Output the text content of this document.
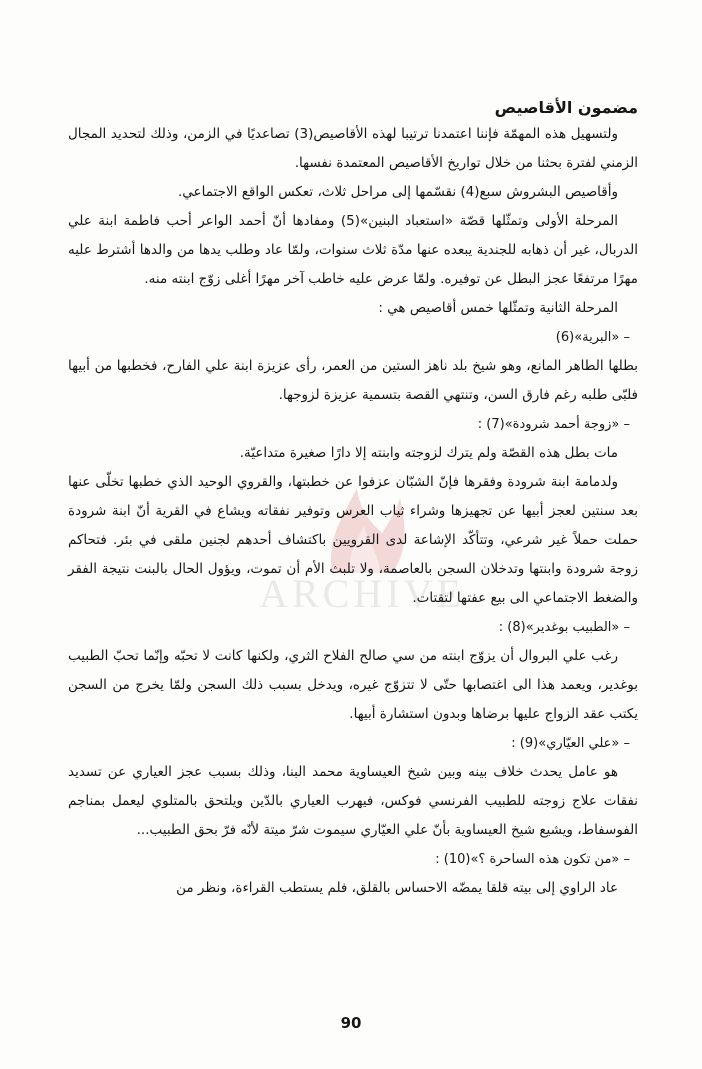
ARCHIVE
مضمون الأقاصيص

ولتسهيل هذه المهمّة فإننا اعتمدنا ترتيبا لهذه الأقاصيص(3) تصاعديًا في الزمن، وذلك لتحديد المجال الزمني لفترة بحثنا من خلال تواريخ الأقاصيص المعتمدة نفسها.

وأقاصيص البشروش سبع(4) نقسّمها إلى مراحل ثلاث، تعكس الواقع الاجتماعي.

المرحلة الأولى وتمثّلها قصّة «استعباد البنين»(5) ومفادها أنّ أحمد الواعر أحب فاطمة ابنة علي الدربال، غير أن ذهابه للجندية يبعده عنها مدّة ثلاث سنوات، ولمّا عاد وطلب يدها من والدها أشترط عليه مهرًا مرتفعًا عجز البطل عن توفيره. ولمّا عرض عليه خاطب آخر مهرًا أغلى زوّج ابنته منه.

المرحلة الثانية وتمثّلها خمس أقاصيص هي :

– «البرية»(6)

بطلها الطاهر المانع، وهو شيخ بلد ناهز الستين من العمر، رأى عزيزة ابنة علي الفارح، فخطبها من أبيها فلبّى طلبه رغم فارق السن، وتنتهي القصة بتسمية عزيزة لزوجها.

– «زوجة أحمد شرودة»(7) :

مات بطل هذه القصّة ولم يترك لزوجته وابنته إلا دارًا صغيرة متداعيّة.

ولدمامة ابنة شرودة وفقرها فإنّ الشبّان عزفوا عن خطبتها، والقروي الوحيد الذي خطبها تخلّى عنها بعد سنتين لعجز أبيها عن تجهيزها وشراء ثياب العرس وتوفير نفقاته ويشاع في القرية أنّ ابنة شرودة حملت حملاً غير شرعي، وتتأكّد الإشاعة لدى القرويين باكتشاف أحدهم لجنين ملقى في بئر. فتحاكم زوجة شرودة وابنتها وتدخلان السجن بالعاصمة، ولا تلبث الأم أن تموت، ويؤول الحال بالبنت نتيجة الفقر والضغط الاجتماعي الى بيع عفتها لتقتات.

– «الطبيب بوغدير»(8) :

رغب علي البروال أن يزوّج ابنته من سي صالح الفلاح الثري، ولكنها كانت لا تحبّه وإنّما تحبّ الطبيب بوغدير، ويعمد هذا الى اغتصابها حتّى لا تتزوّج غيره، ويدخل بسبب ذلك السجن ولمّا يخرج من السجن يكتب عقد الزواج عليها برضاها وبدون استشارة أبيها.

– «علي العيّاري»(9) :

هو عامل يحدث خلاف بينه وبين شيخ العيساوية محمد البنا، وذلك بسبب عجز العياري عن تسديد نفقات علاج زوجته للطبيب الفرنسي فوكس، فيهرب العياري بالدّين ويلتحق بالمتلوي ليعمل بمناجم الفوسفاط، ويشيع شيخ العيساوية بأنّ علي العيّاري سيموت شرّ ميتة لأنّه فرّ بحق الطبيب...

– «من تكون هذه الساحرة ؟»(10) :

عاد الراوي إلى بيته قلقا يمضّه الاحساس بالقلق، فلم يستطب القراءة، ونظر من

90
